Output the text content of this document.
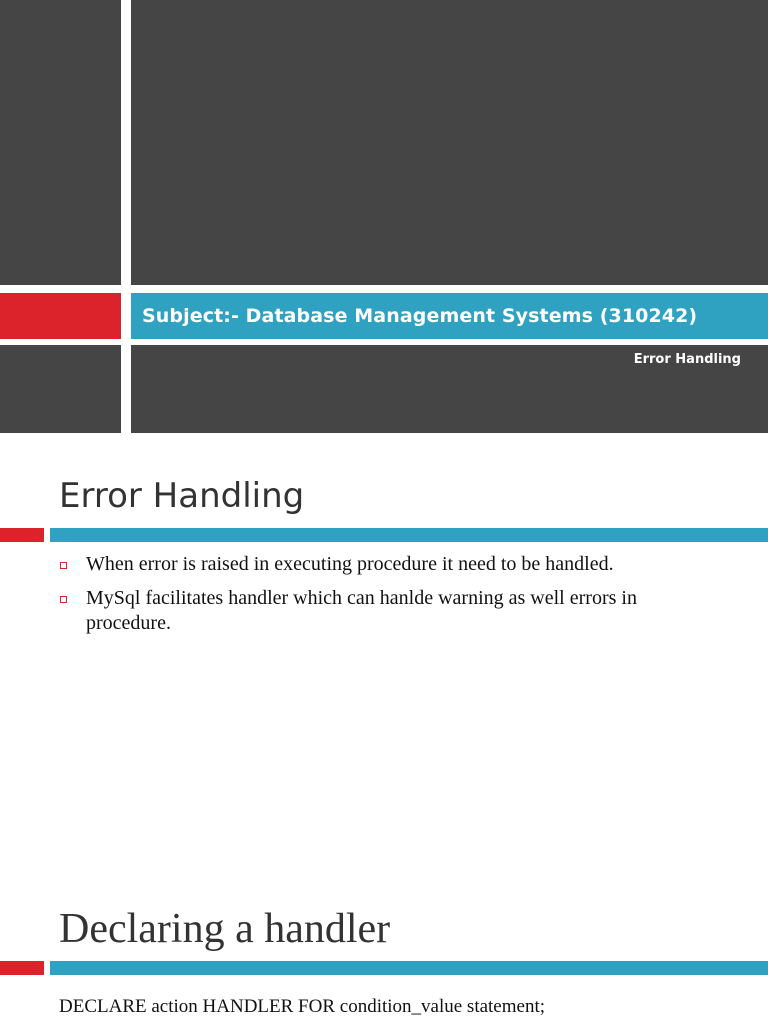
Subject:- Database Management Systems (310242)
Error Handling
Error Handling
When error is raised in executing procedure it need to be handled.
MySql facilitates handler which can hanlde warning as well errors in procedure.
Declaring a handler
DECLARE action HANDLER FOR condition_value statement;
